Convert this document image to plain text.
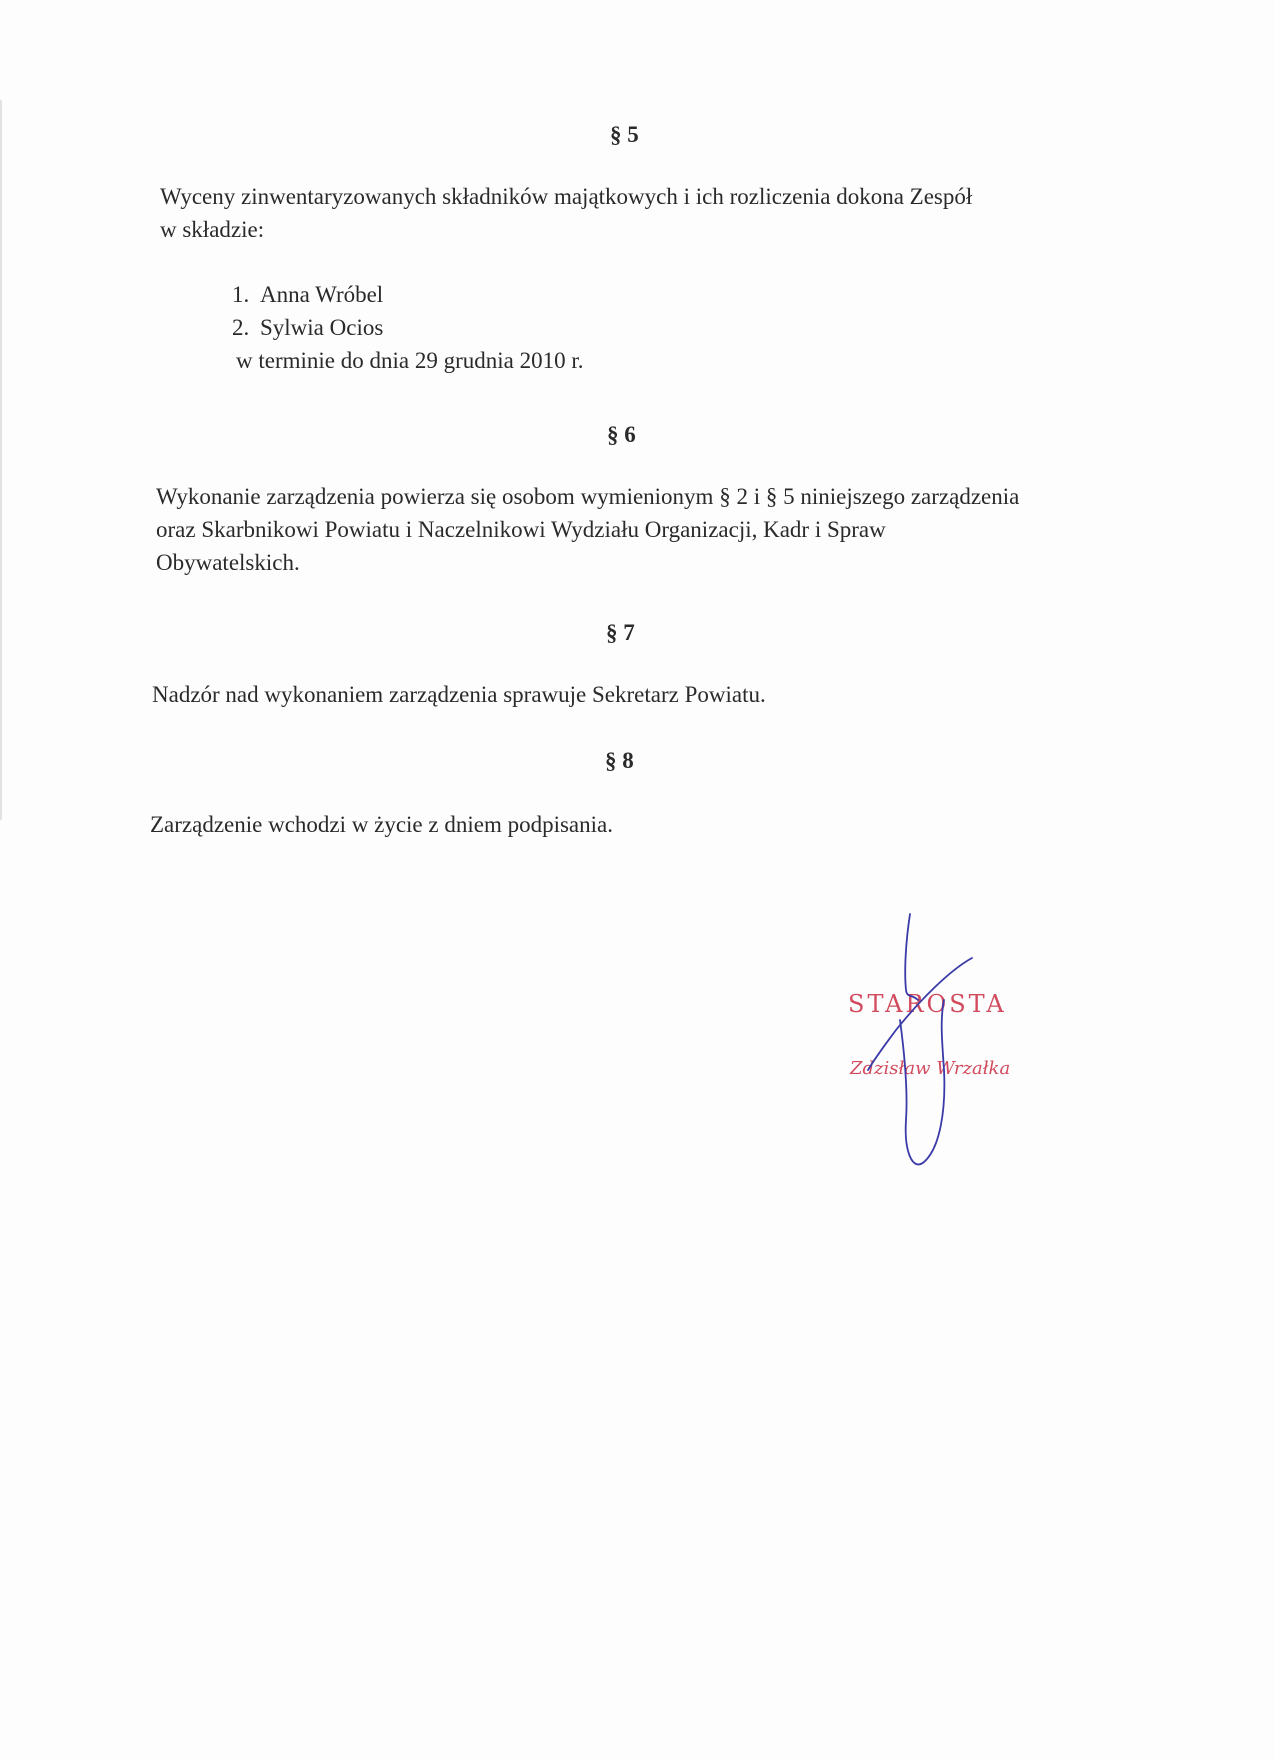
§ 5
Wyceny zinwentaryzowanych składników majątkowych i ich rozliczenia dokona Zespół
w składzie:
1. Anna Wróbel
2. Sylwia Ocios
w terminie do dnia 29 grudnia 2010 r.
§ 6
Wykonanie zarządzenia powierza się osobom wymienionym § 2 i § 5 niniejszego zarządzenia
oraz Skarbnikowi Powiatu i Naczelnikowi Wydziału Organizacji, Kadr i Spraw
Obywatelskich.
§ 7
Nadzór nad wykonaniem zarządzenia sprawuje Sekretarz Powiatu.
§ 8
Zarządzenie wchodzi w życie z dniem podpisania.
STAROSTA
Zdzisław Wrzałka
